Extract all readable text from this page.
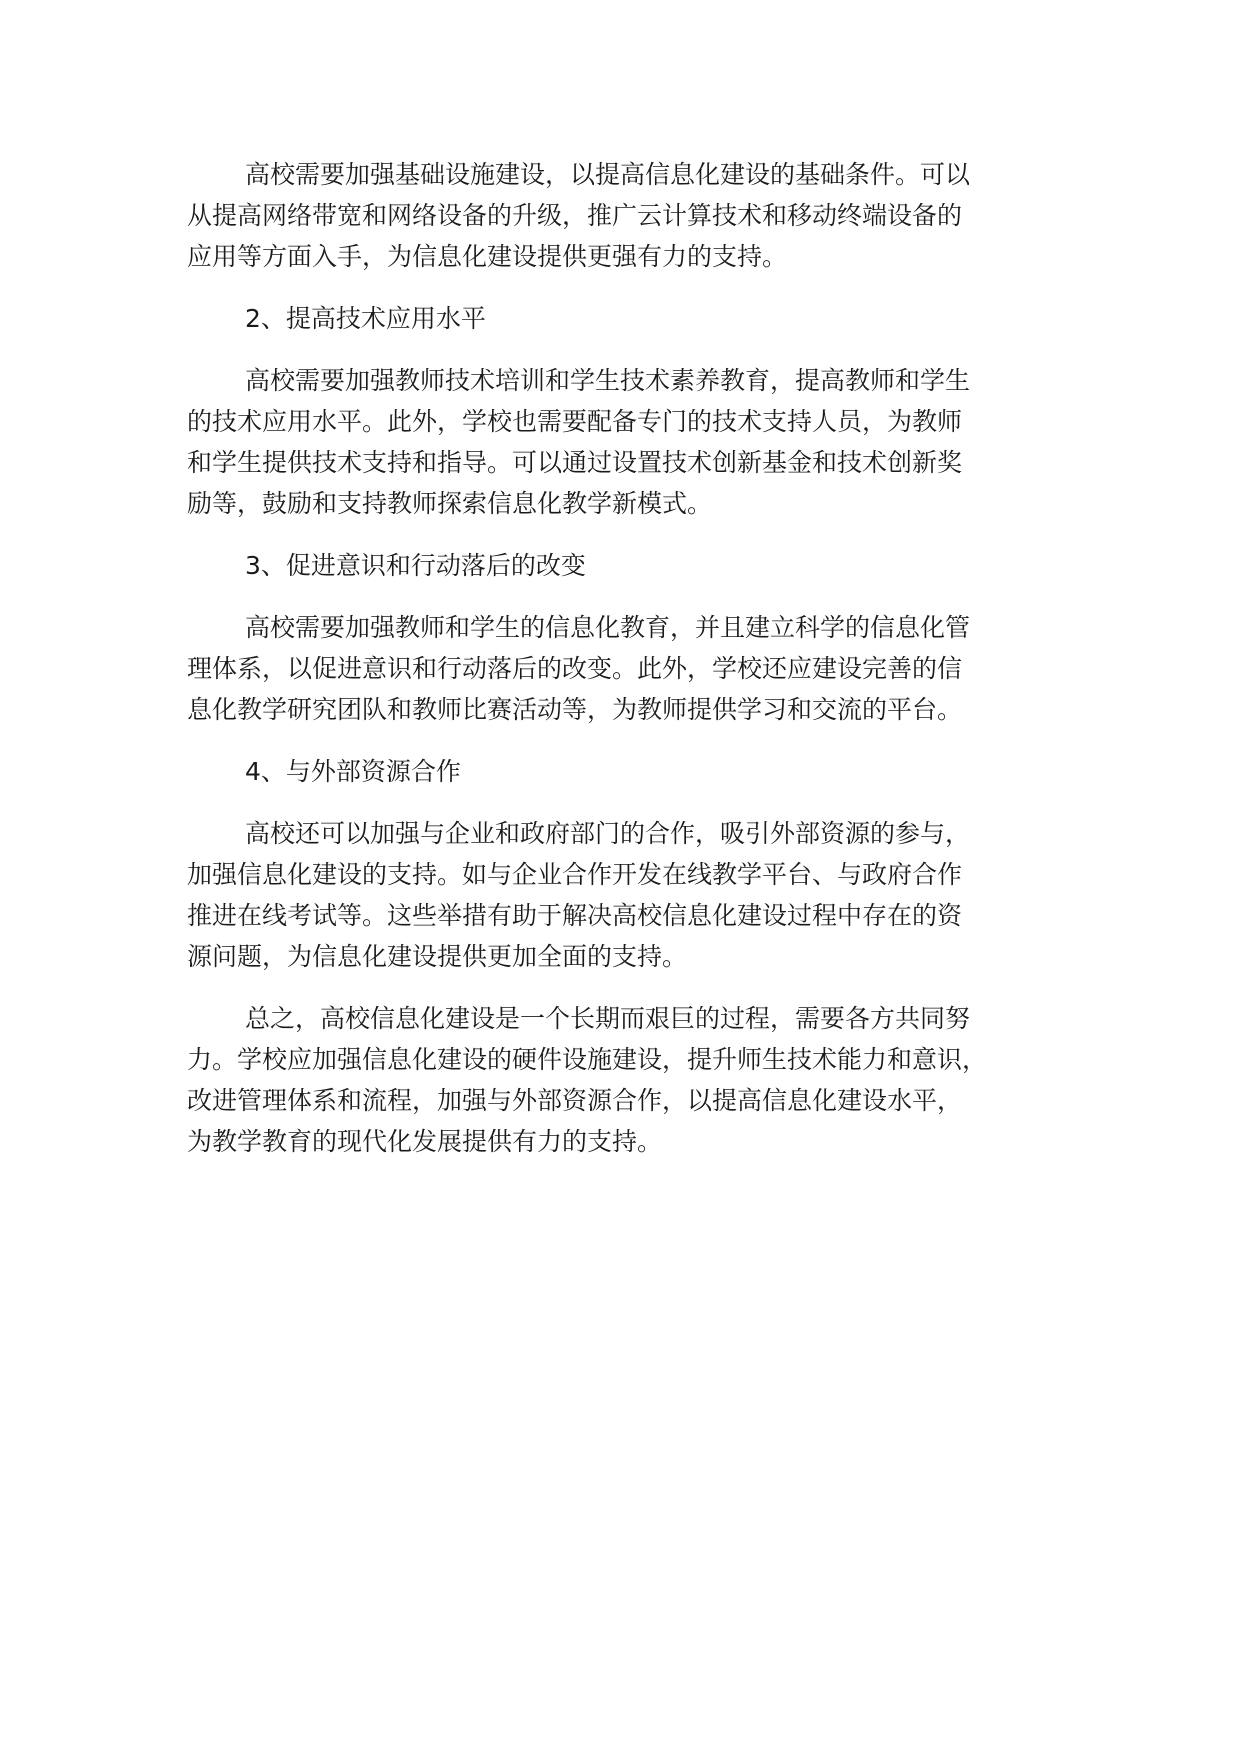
高校需要加强基础设施建设，以提高信息化建设的基础条件。可以
从提高网络带宽和网络设备的升级，推广云计算技术和移动终端设备的
应用等方面入手，为信息化建设提供更强有力的支持。
2、提高技术应用水平
高校需要加强教师技术培训和学生技术素养教育，提高教师和学生
的技术应用水平。此外，学校也需要配备专门的技术支持人员，为教师
和学生提供技术支持和指导。可以通过设置技术创新基金和技术创新奖
励等，鼓励和支持教师探索信息化教学新模式。
3、促进意识和行动落后的改变
高校需要加强教师和学生的信息化教育，并且建立科学的信息化管
理体系，以促进意识和行动落后的改变。此外，学校还应建设完善的信
息化教学研究团队和教师比赛活动等，为教师提供学习和交流的平台。
4、与外部资源合作
高校还可以加强与企业和政府部门的合作，吸引外部资源的参与，
加强信息化建设的支持。如与企业合作开发在线教学平台、与政府合作
推进在线考试等。这些举措有助于解决高校信息化建设过程中存在的资
源问题，为信息化建设提供更加全面的支持。
总之，高校信息化建设是一个长期而艰巨的过程，需要各方共同努
力。学校应加强信息化建设的硬件设施建设，提升师生技术能力和意识，
改进管理体系和流程，加强与外部资源合作，以提高信息化建设水平，
为教学教育的现代化发展提供有力的支持。
